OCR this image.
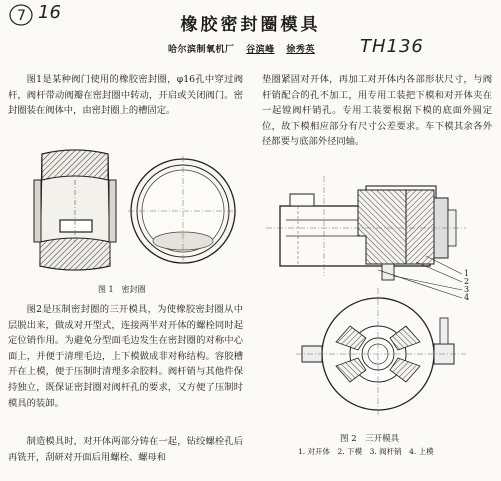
7 16
TH136
橡胶密封圈模具
哈尔滨制氧机厂 谷滨峰 徐秀英
图1是某种阀门使用的橡胶密封圈，φ16孔中穿过阀杆，阀杆带动阀瓣在密封圈中转动，开启或关闭阀门。密封圈装在阀体中，由密封圈上的槽固定。
垫圈紧固对开体，再加工对开体内各部形状尺寸，与阀杆销配合的孔不加工，用专用工装把下模和对开体夹在一起镗阀杆销孔。专用工装要根据下模的底面外圆定位，故下模相应部分有尺寸公差要求。车下模其余各外径都要与底部外径同轴。
图2是压制密封圈的三开模具，为使橡胶密封圈从中层脱出来，做成对开型式，连接两半对开体的螺栓同时起定位销作用。为避免分型面毛边发生在密封圈的对称中心面上，并便于清理毛边，上下模做成非对称结构。容胶槽开在上模，便于压制时清理多余胶料。阀杆销与其他件保持独立，既保证密封圈对阀杆孔的要求，又方便了压制时模具的装卸。
制造模具时，对开体两部分铸在一起，钻绞螺栓孔后再铣开，刮研对开面后用螺栓、螺母和
图 1　密封圈
1
2
3
4
图 2　三开模具
1. 对开体　2. 下模　3. 阀杆销　4. 上模
